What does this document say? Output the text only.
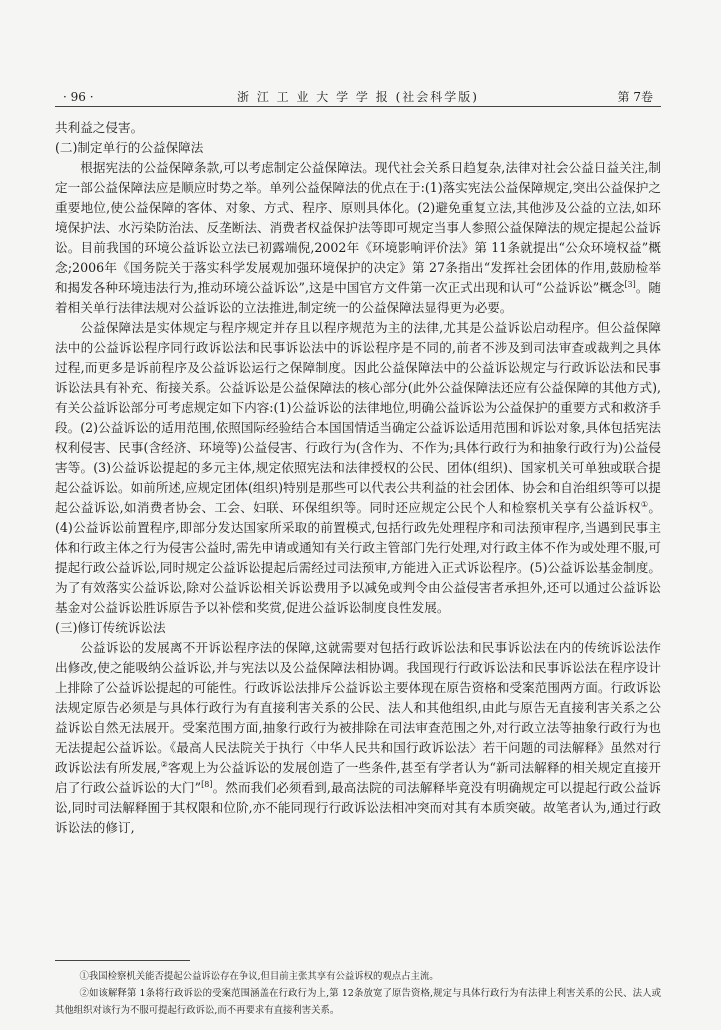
· 96 ·	浙 江 工 业 大 学 学 报 (社会科学版)	第 7卷

共利益之侵害。

(二)制定单行的公益保障法

根据宪法的公益保障条款,可以考虑制定公益保障法。现代社会关系日趋复杂,法律对社会公益日益关注,制定一部公益保障法应是顺应时势之举。单列公益保障法的优点在于:(1)落实宪法公益保障规定,突出公益保护之重要地位,使公益保障的客体、对象、方式、程序、原则具体化。(2)避免重复立法,其他涉及公益的立法,如环境保护法、水污染防治法、反垄断法、消费者权益保护法等即可规定当事人参照公益保障法的规定提起公益诉讼。目前我国的环境公益诉讼立法已初露端倪,2002年《环境影响评价法》第 11条就提出“公众环境权益”概念;2006年《国务院关于落实科学发展观加强环境保护的决定》第 27条指出“发挥社会团体的作用,鼓励检举和揭发各种环境违法行为,推动环境公益诉讼”,这是中国官方文件第一次正式出现和认可“公益诉讼”概念[3]。随着相关单行法律法规对公益诉讼的立法推进,制定统一的公益保障法显得更为必要。

公益保障法是实体规定与程序规定并存且以程序规范为主的法律,尤其是公益诉讼启动程序。但公益保障法中的公益诉讼程序同行政诉讼法和民事诉讼法中的诉讼程序是不同的,前者不涉及到司法审查或裁判之具体过程,而更多是诉前程序及公益诉讼运行之保障制度。因此公益保障法中的公益诉讼规定与行政诉讼法和民事诉讼法具有补充、衔接关系。公益诉讼是公益保障法的核心部分(此外公益保障法还应有公益保障的其他方式),有关公益诉讼部分可考虑规定如下内容:(1)公益诉讼的法律地位,明确公益诉讼为公益保护的重要方式和救济手段。(2)公益诉讼的适用范围,依照国际经验结合本国国情适当确定公益诉讼适用范围和诉讼对象,具体包括宪法权利侵害、民事(含经济、环境等)公益侵害、行政行为(含作为、不作为;具体行政行为和抽象行政行为)公益侵害等。(3)公益诉讼提起的多元主体,规定依照宪法和法律授权的公民、团体(组织)、国家机关可单独或联合提起公益诉讼。如前所述,应规定团体(组织)特别是那些可以代表公共利益的社会团体、协会和自治组织等可以提起公益诉讼,如消费者协会、工会、妇联、环保组织等。同时还应规定公民个人和检察机关享有公益诉权①。(4)公益诉讼前置程序,即部分发达国家所采取的前置模式,包括行政先处理程序和司法预审程序,当遇到民事主体和行政主体之行为侵害公益时,需先申请或通知有关行政主管部门先行处理,对行政主体不作为或处理不服,可提起行政公益诉讼,同时规定公益诉讼提起后需经过司法预审,方能进入正式诉讼程序。(5)公益诉讼基金制度。为了有效落实公益诉讼,除对公益诉讼相关诉讼费用予以减免或判令由公益侵害者承担外,还可以通过公益诉讼基金对公益诉讼胜诉原告予以补偿和奖赏,促进公益诉讼制度良性发展。

(三)修订传统诉讼法

公益诉讼的发展离不开诉讼程序法的保障,这就需要对包括行政诉讼法和民事诉讼法在内的传统诉讼法作出修改,使之能吸纳公益诉讼,并与宪法以及公益保障法相协调。我国现行行政诉讼法和民事诉讼法在程序设计上排除了公益诉讼提起的可能性。行政诉讼法排斥公益诉讼主要体现在原告资格和受案范围两方面。行政诉讼法规定原告必须是与具体行政行为有直接利害关系的公民、法人和其他组织,由此与原告无直接利害关系之公益诉讼自然无法展开。受案范围方面,抽象行政行为被排除在司法审查范围之外,对行政立法等抽象行政行为也无法提起公益诉讼。《最高人民法院关于执行〈中华人民共和国行政诉讼法〉若干问题的司法解释》虽然对行政诉讼法有所发展,②客观上为公益诉讼的发展创造了一些条件,甚至有学者认为“新司法解释的相关规定直接开启了行政公益诉讼的大门”[8]。然而我们必须看到,最高法院的司法解释毕竟没有明确规定可以提起行政公益诉讼,同时司法解释囿于其权限和位阶,亦不能同现行行政诉讼法相冲突而对其有本质突破。故笔者认为,通过行政诉讼法的修订,

①我国检察机关能否提起公益诉讼存在争议,但目前主张其享有公益诉权的观点占主流。

②如该解释第 1条将行政诉讼的受案范围涵盖在行政行为上,第 12条放宽了原告资格,规定与具体行政行为有法律上利害关系的公民、法人或其他组织对该行为不服可提起行政诉讼,而不再要求有直接利害关系。
